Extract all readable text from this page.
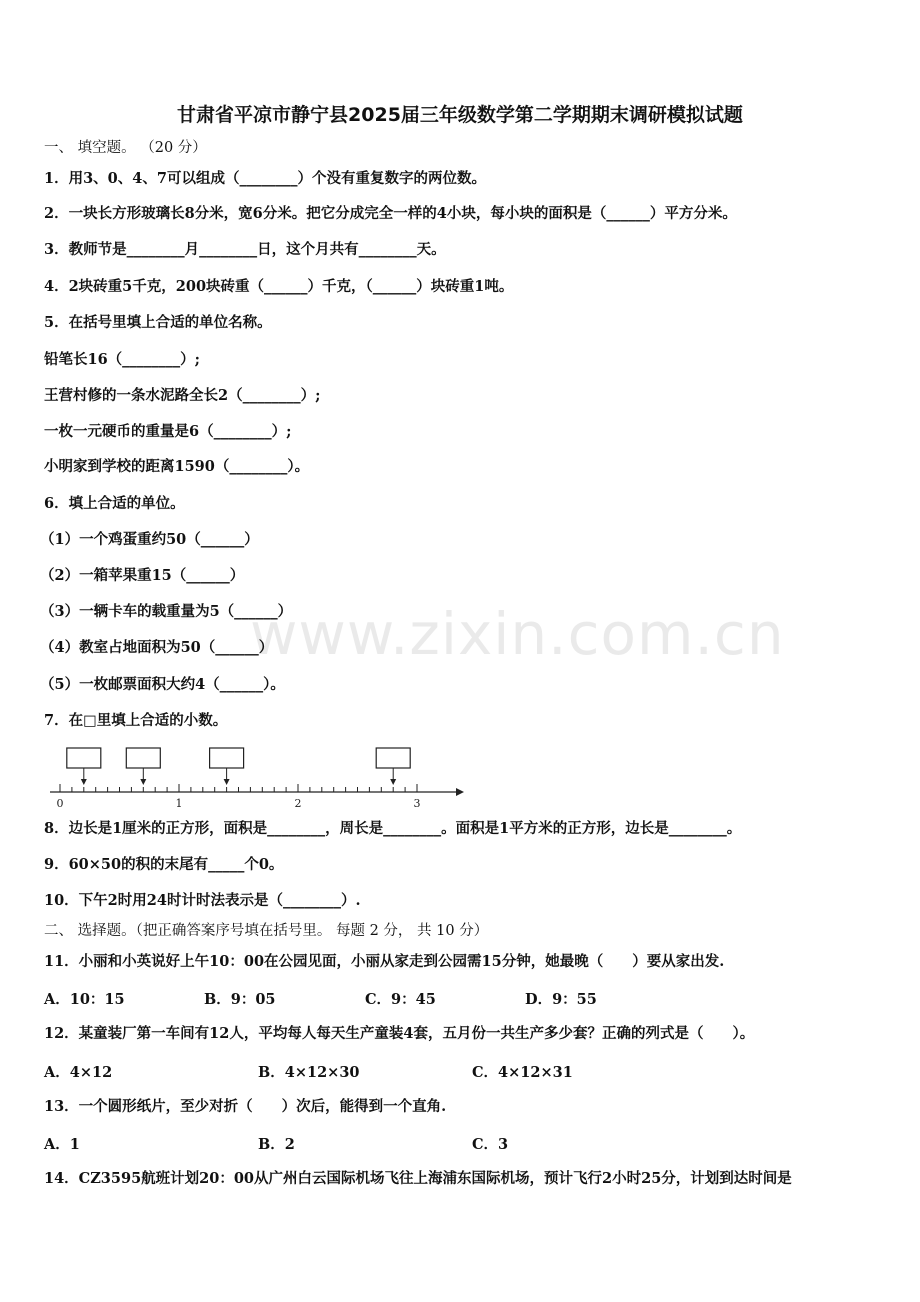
www.zixin.com.cn
甘肃省平凉市静宁县2025届三年级数学第二学期期末调研模拟试题
一、 填空题。 （20 分）
1．用3、0、4、7可以组成（________）个没有重复数字的两位数。
2．一块长方形玻璃长8分米，宽6分米。把它分成完全一样的4小块，每小块的面积是（______）平方分米。
3．教师节是________月________日，这个月共有________天。
4．2块砖重5千克，200块砖重（______）千克，（______）块砖重1吨。
5．在括号里填上合适的单位名称。
铅笔长16（________）;
王营村修的一条水泥路全长2（________）;
一枚一元硬币的重量是6（________）;
小明家到学校的距离1590（________）。
6．填上合适的单位。
（1）一个鸡蛋重约50（______）
（2）一箱苹果重15（______）
（3）一辆卡车的载重量为5（______）
（4）教室占地面积为50（______）
（5）一枚邮票面积大约4（______）。
7．在□里填上合适的小数。
0	1	2	3
8．边长是1厘米的正方形，面积是________，周长是________。面积是1平方米的正方形，边长是________。
9．60×50的积的末尾有_____个0。
10．下午2时用24时计时法表示是（________）.
二、 选择题。（把正确答案序号填在括号里。 每题 2 分， 共 10 分）
11．小丽和小英说好上午10：00在公园见面，小丽从家走到公园需15分钟，她最晚（　　）要从家出发.
A．10：15	B．9：05	C．9：45	D．9：55
12．某童装厂第一车间有12人，平均每人每天生产童装4套，五月份一共生产多少套？正确的列式是（　　）。
A．4×12	B．4×12×30	C．4×12×31
13．一个圆形纸片，至少对折（　　）次后，能得到一个直角.
A．1	B．2	C．3
14．CZ3595航班计划20：00从广州白云国际机场飞往上海浦东国际机场，预计飞行2小时25分，计划到达时间是
